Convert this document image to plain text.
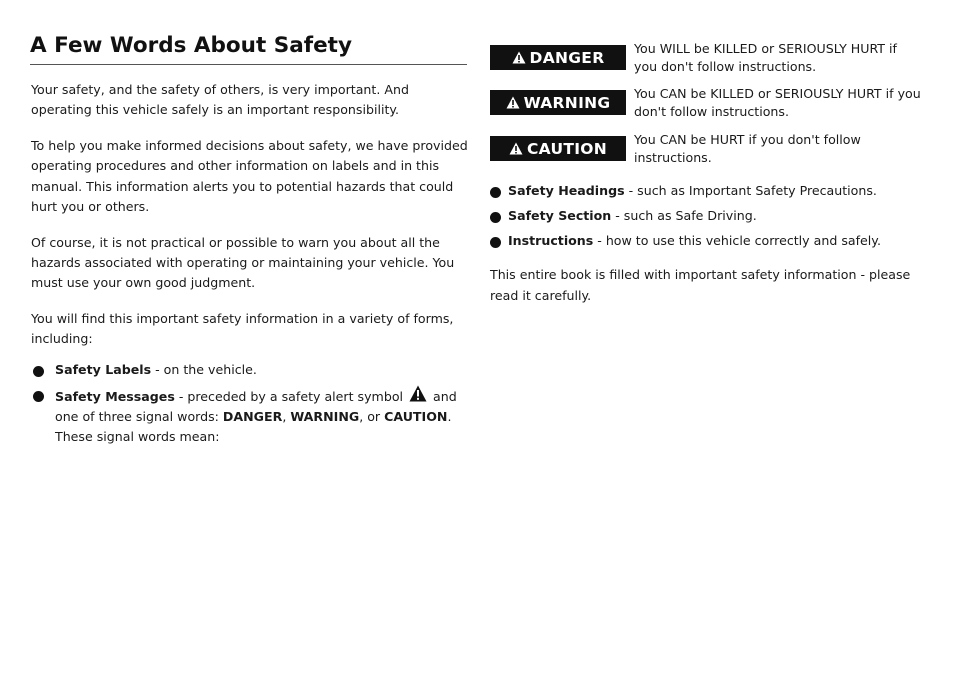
A Few Words About Safety

Your safety, and the safety of others, is very important. And operating this vehicle safely is an important responsibility.

To help you make informed decisions about safety, we have provided operating procedures and other information on labels and in this manual. This information alerts you to potential hazards that could hurt you or others.

Of course, it is not practical or possible to warn you about all the hazards associated with operating or maintaining your vehicle. You must use your own good judgment.

You will find this important safety information in a variety of forms, including:

Safety Labels - on the vehicle.
Safety Messages - preceded by a safety alert symbol  and one of three signal words: DANGER, WARNING, or CAUTION. These signal words mean:
DANGER You WILL be KILLED or SERIOUSLY HURT if you don't follow instructions.
WARNING You CAN be KILLED or SERIOUSLY HURT if you don't follow instructions.
CAUTION You CAN be HURT if you don't follow instructions.
Safety Headings - such as Important Safety Precautions.
Safety Section - such as Safe Driving.
Instructions - how to use this vehicle correctly and safely.

This entire book is filled with important safety information - please read it carefully.
